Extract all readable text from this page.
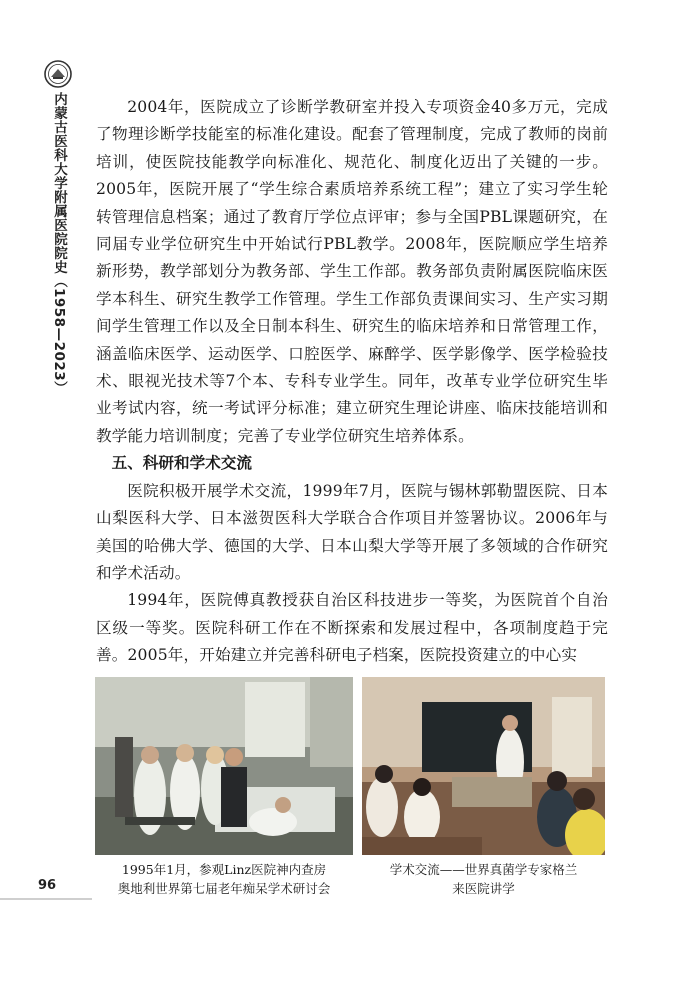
内蒙古医科大学附属医院院史（1958—2023）
96

2004年，医院成立了诊断学教研室并投入专项资金40多万元，完成了物理诊断学技能室的标准化建设。配套了管理制度，完成了教师的岗前培训，使医院技能教学向标准化、规范化、制度化迈出了关键的一步。2005年，医院开展了“学生综合素质培养系统工程”；建立了实习学生轮转管理信息档案；通过了教育厅学位点评审；参与全国PBL课题研究，在同届专业学位研究生中开始试行PBL教学。2008年，医院顺应学生培养新形势，教学部划分为教务部、学生工作部。教务部负责附属医院临床医学本科生、研究生教学工作管理。学生工作部负责课间实习、生产实习期间学生管理工作以及全日制本科生、研究生的临床培养和日常管理工作，涵盖临床医学、运动医学、口腔医学、麻醉学、医学影像学、医学检验技术、眼视光技术等7个本、专科专业学生。同年，改革专业学位研究生毕业考试内容，统一考试评分标准；建立研究生理论讲座、临床技能培训和教学能力培训制度；完善了专业学位研究生培养体系。

五、科研和学术交流

医院积极开展学术交流，1999年7月，医院与锡林郭勒盟医院、日本山梨医科大学、日本滋贺医科大学联合合作项目并签署协议。2006年与美国的哈佛大学、德国的大学、日本山梨大学等开展了多领域的合作研究和学术活动。

1994年，医院傅真教授获自治区科技进步一等奖，为医院首个自治区级一等奖。医院科研工作在不断探索和发展过程中，各项制度趋于完善。2005年，开始建立并完善科研电子档案，医院投资建立的中心实

1995年1月，参观Linz医院神内查房
奥地利世界第七届老年痴呆学术研讨会
学术交流——世界真菌学专家格兰
来医院讲学
